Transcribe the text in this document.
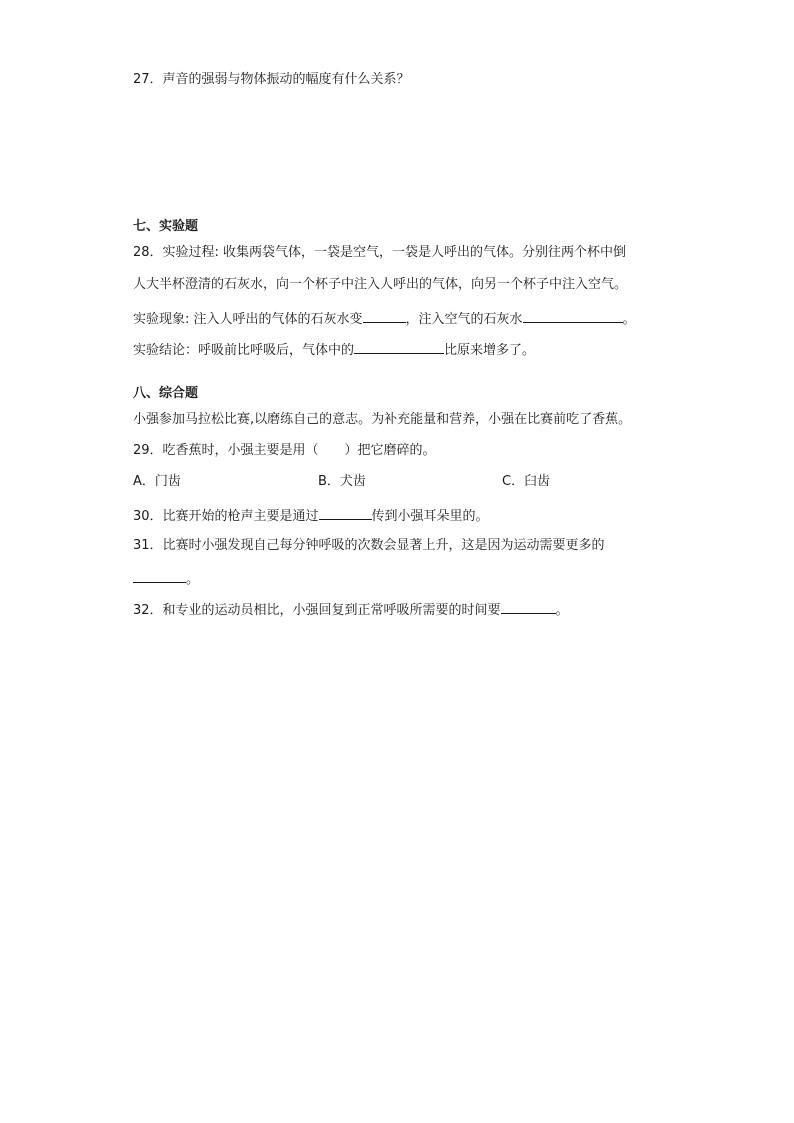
27．声音的强弱与物体振动的幅度有什么关系？
七、实验题
28．实验过程: 收集两袋气体，一袋是空气，一袋是人呼出的气体。分别往两个杯中倒
人大半杯澄清的石灰水，向一个杯子中注入人呼出的气体，向另一个杯子中注入空气。
实验现象: 注入人呼出的气体的石灰水变	，注入空气的石灰水	。
实验结论：呼吸前比呼吸后，气体中的	比原来增多了。
八、综合题
小强参加马拉松比赛,以磨练自己的意志。为补充能量和营养，小强在比赛前吃了香蕉。
29．吃香蕉时，小强主要是用（　　）把它磨碎的。
A．门齿	B．犬齿	C．臼齿
30．比赛开始的枪声主要是通过	传到小强耳朵里的。
31．比赛时小强发现自己每分钟呼吸的次数会显著上升，这是因为运动需要更多的
。
32．和专业的运动员相比，小强回复到正常呼吸所需要的时间要	。
